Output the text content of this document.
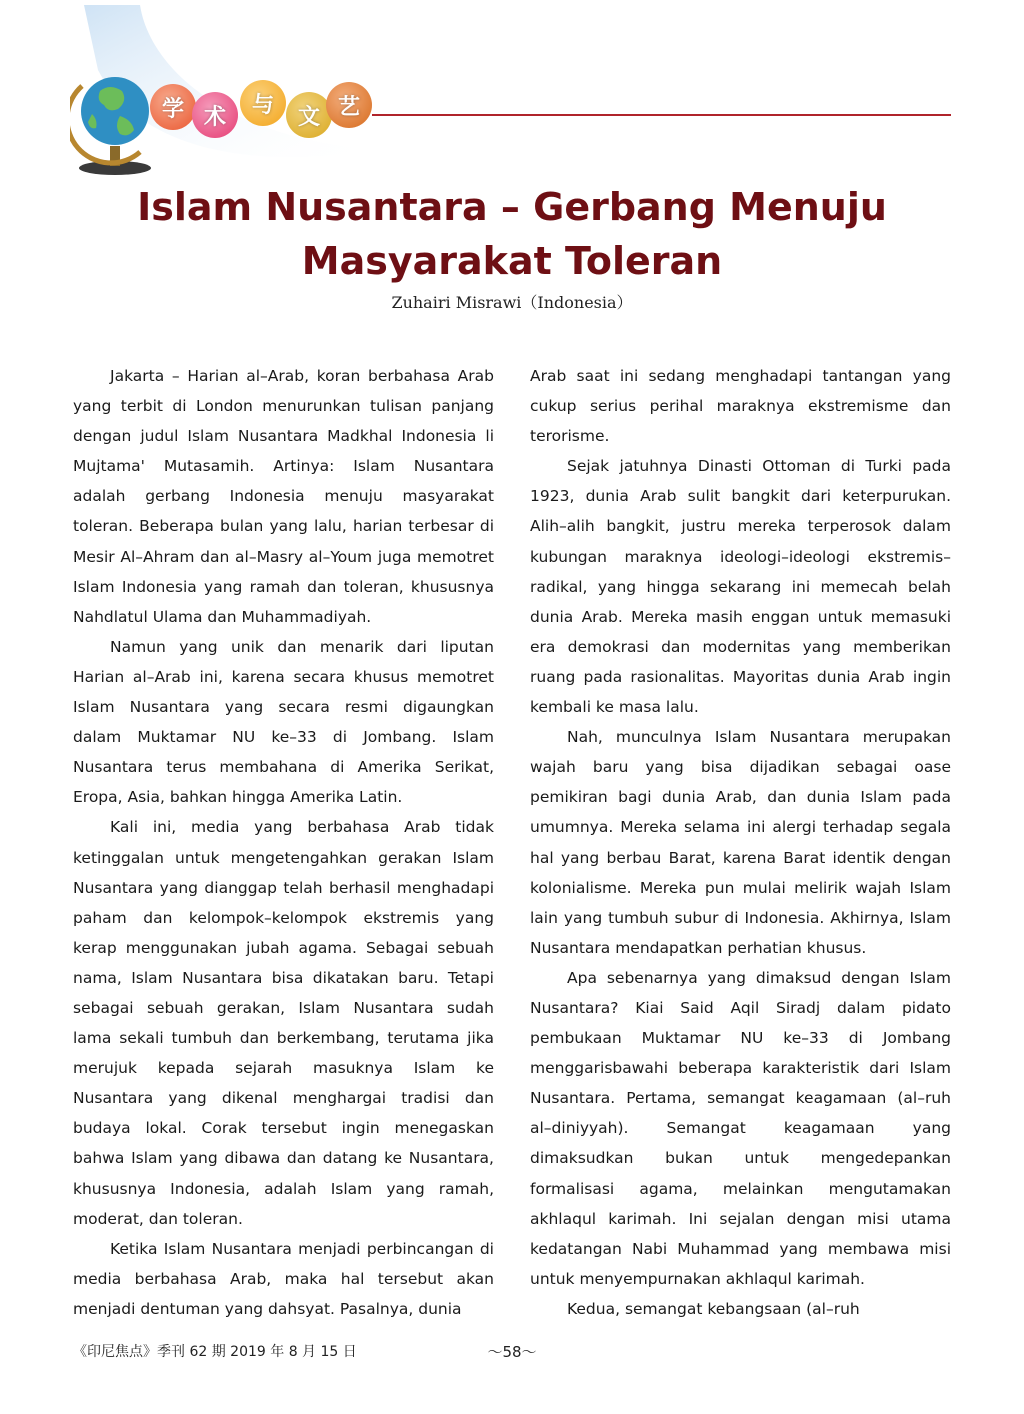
学 术	与	文 艺
Islam Nusantara – Gerbang Menuju
Masyarakat Toleran
Zuhairi Misrawi（Indonesia）

Jakarta – Harian al–Arab, koran berbahasa Arab yang terbit di London menurunkan tulisan panjang dengan judul Islam Nusantara Madkhal Indonesia li Mujtama' Mutasamih. Artinya: Islam Nusantara adalah gerbang Indonesia menuju masyarakat toleran. Beberapa bulan yang lalu, harian terbesar di Mesir Al–Ahram dan al–Masry al–Youm juga memotret Islam Indonesia yang ramah dan toleran, khususnya Nahdlatul Ulama dan Muhammadiyah.

Namun yang unik dan menarik dari liputan Harian al–Arab ini, karena secara khusus memotret Islam Nusantara yang secara resmi digaungkan dalam Muktamar NU ke–33 di Jombang. Islam Nusantara terus membahana di Amerika Serikat, Eropa, Asia, bahkan hingga Amerika Latin.

Kali ini, media yang berbahasa Arab tidak ketinggalan untuk mengetengahkan gerakan Islam Nusantara yang dianggap telah berhasil menghadapi paham dan kelompok–kelompok ekstremis yang kerap menggunakan jubah agama. Sebagai sebuah nama, Islam Nusantara bisa dikatakan baru. Tetapi sebagai sebuah gerakan, Islam Nusantara sudah lama sekali tumbuh dan berkembang, terutama jika merujuk kepada sejarah masuknya Islam ke Nusantara yang dikenal menghargai tradisi dan budaya lokal. Corak tersebut ingin menegaskan bahwa Islam yang dibawa dan datang ke Nusantara, khususnya Indonesia, adalah Islam yang ramah, moderat, dan toleran.

Ketika Islam Nusantara menjadi perbincangan di media berbahasa Arab, maka hal tersebut akan menjadi dentuman yang dahsyat. Pasalnya, dunia

Arab saat ini sedang menghadapi tantangan yang cukup serius perihal maraknya ekstremisme dan terorisme.

Sejak jatuhnya Dinasti Ottoman di Turki pada 1923, dunia Arab sulit bangkit dari keterpurukan. Alih–alih bangkit, justru mereka terperosok dalam kubungan maraknya ideologi–ideologi ekstremis–radikal, yang hingga sekarang ini memecah belah dunia Arab. Mereka masih enggan untuk memasuki era demokrasi dan modernitas yang memberikan ruang pada rasionalitas. Mayoritas dunia Arab ingin kembali ke masa lalu.

Nah, munculnya Islam Nusantara merupakan wajah baru yang bisa dijadikan sebagai oase pemikiran bagi dunia Arab, dan dunia Islam pada umumnya. Mereka selama ini alergi terhadap segala hal yang berbau Barat, karena Barat identik dengan kolonialisme. Mereka pun mulai melirik wajah Islam lain yang tumbuh subur di Indonesia. Akhirnya, Islam Nusantara mendapatkan perhatian khusus.

Apa sebenarnya yang dimaksud dengan Islam Nusantara? Kiai Said Aqil Siradj dalam pidato pembukaan Muktamar NU ke–33 di Jombang menggarisbawahi beberapa karakteristik dari Islam Nusantara. Pertama, semangat keagamaan (al–ruh al–diniyyah). Semangat keagamaan yang dimaksudkan bukan untuk mengedepankan formalisasi agama, melainkan mengutamakan akhlaqul karimah. Ini sejalan dengan misi utama kedatangan Nabi Muhammad yang membawa misi untuk menyempurnakan akhlaqul karimah.

Kedua, semangat kebangsaan (al–ruh

《印尼焦点》季刊 62 期 2019 年 8 月 15 日	～58～
